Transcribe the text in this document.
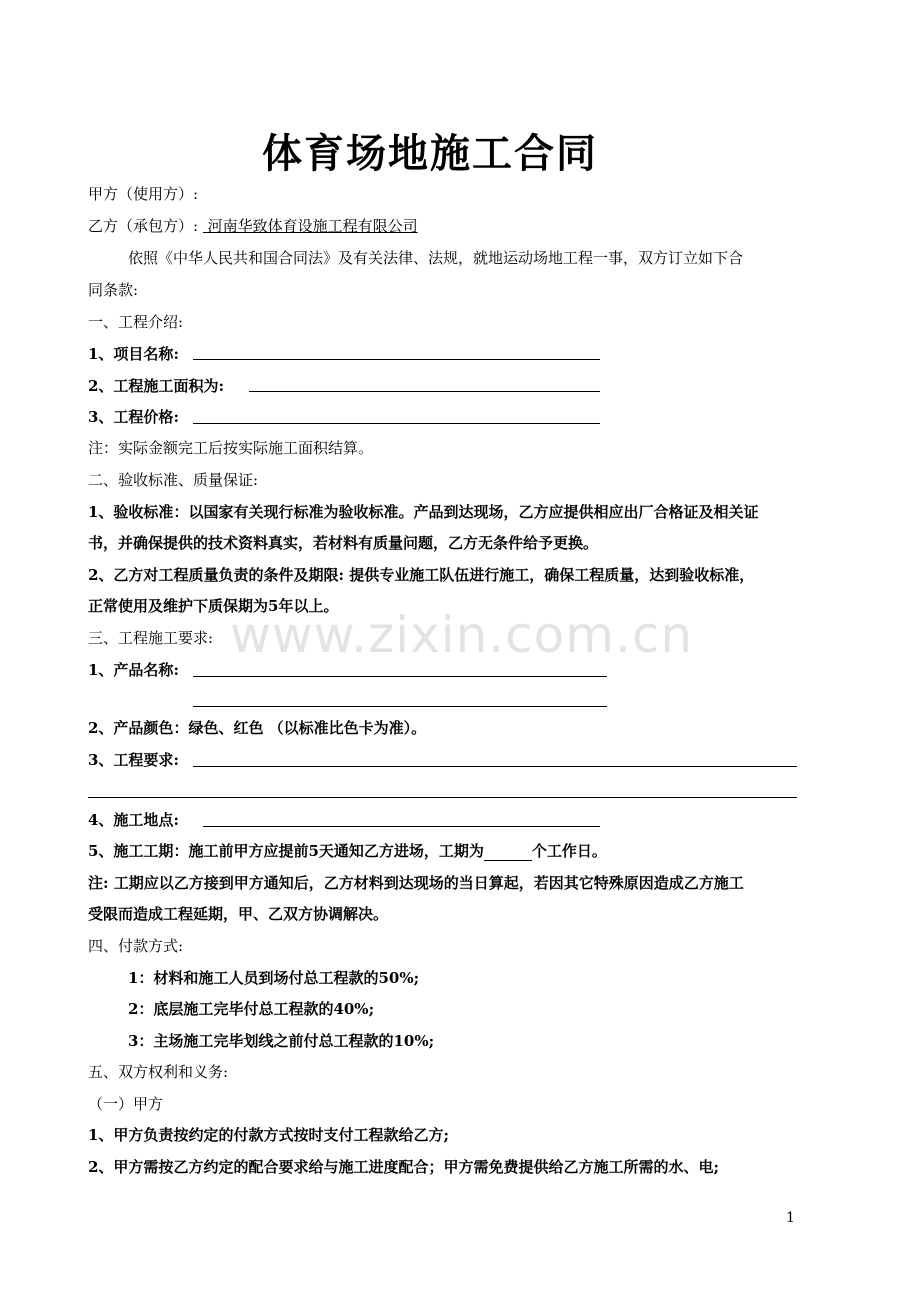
体育场地施工合同
甲方（使用方）:
乙方（承包方）: 河南华致体育设施工程有限公司
依照《中华人民共和国合同法》及有关法律、法规，就地运动场地工程一事，双方订立如下合
同条款:
一、工程介绍:
1、项目名称:
2、工程施工面积为:
3、工程价格:
注：实际金额完工后按实际施工面积结算。
二、验收标准、质量保证:
1、验收标准：以国家有关现行标准为验收标准。产品到达现场，乙方应提供相应出厂合格证及相关证
书，并确保提供的技术资料真实，若材料有质量问题，乙方无条件给予更换。
2、乙方对工程质量负责的条件及期限: 提供专业施工队伍进行施工，确保工程质量，达到验收标准，
正常使用及维护下质保期为5年以上。
三、工程施工要求:
1、产品名称:
2、产品颜色：绿色、红色 （以标准比色卡为准）。
3、工程要求:
4、施工地点:
5、施工工期：施工前甲方应提前5天通知乙方进场，工期为	个工作日。
注: 工期应以乙方接到甲方通知后，乙方材料到达现场的当日算起，若因其它特殊原因造成乙方施工
受限而造成工程延期，甲、乙双方协调解决。
四、付款方式:
1：材料和施工人员到场付总工程款的50%;
2：底层施工完毕付总工程款的40%;
3：主场施工完毕划线之前付总工程款的10%;
五、双方权利和义务:
（一）甲方
1、甲方负责按约定的付款方式按时支付工程款给乙方;
2、甲方需按乙方约定的配合要求给与施工进度配合；甲方需免费提供给乙方施工所需的水、电;
www.zixin.com.cn
1
